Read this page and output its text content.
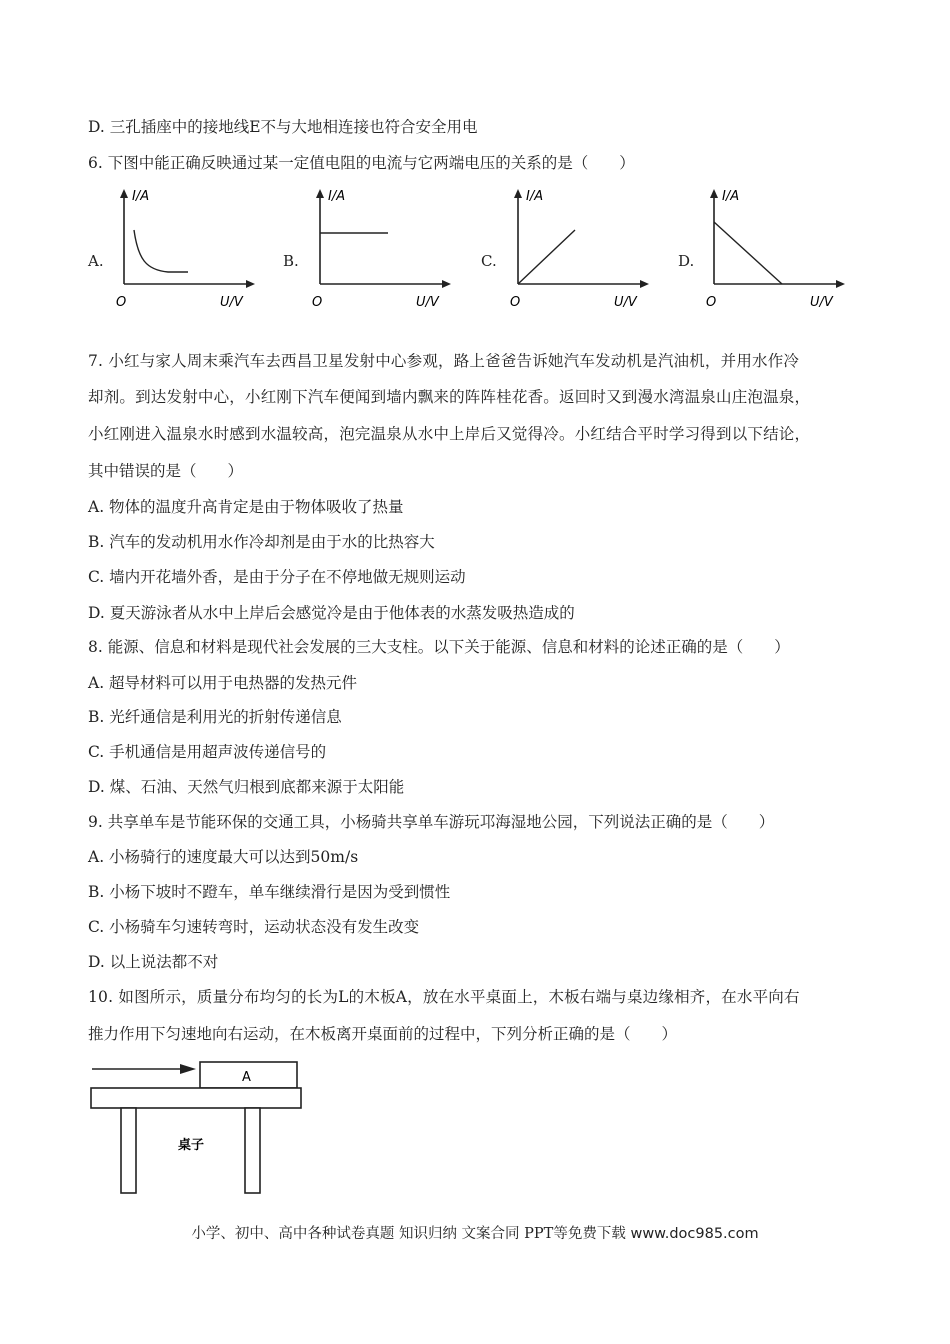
D. 三孔插座中的接地线E不与大地相连接也符合安全用电
6. 下图中能正确反映通过某一定值电阻的电流与它两端电压的关系的是（　　）
A.	B.	C.	D.
I/A
O	U/V
I/A
O	U/V
I/A
O	U/V
I/A
O	U/V
7. 小红与家人周末乘汽车去西昌卫星发射中心参观，路上爸爸告诉她汽车发动机是汽油机，并用水作冷
却剂。到达发射中心，小红刚下汽车便闻到墙内飘来的阵阵桂花香。返回时又到漫水湾温泉山庄泡温泉，
小红刚进入温泉水时感到水温较高，泡完温泉从水中上岸后又觉得冷。小红结合平时学习得到以下结论，
其中错误的是（　　）
A. 物体的温度升高肯定是由于物体吸收了热量
B. 汽车的发动机用水作冷却剂是由于水的比热容大
C. 墙内开花墙外香，是由于分子在不停地做无规则运动
D. 夏天游泳者从水中上岸后会感觉冷是由于他体表的水蒸发吸热造成的
8. 能源、信息和材料是现代社会发展的三大支柱。以下关于能源、信息和材料的论述正确的是（　　）
A. 超导材料可以用于电热器的发热元件
B. 光纤通信是利用光的折射传递信息
C. 手机通信是用超声波传递信号的
D. 煤、石油、天然气归根到底都来源于太阳能
9. 共享单车是节能环保的交通工具，小杨骑共享单车游玩邛海湿地公园，下列说法正确的是（　　）
A. 小杨骑行的速度最大可以达到50m/s
B. 小杨下坡时不蹬车，单车继续滑行是因为受到惯性
C. 小杨骑车匀速转弯时，运动状态没有发生改变
D. 以上说法都不对
10. 如图所示，质量分布均匀的长为L的木板A，放在水平桌面上，木板右端与桌边缘相齐，在水平向右
推力作用下匀速地向右运动，在木板离开桌面前的过程中，下列分析正确的是（　　）
A
桌子
小学、初中、高中各种试卷真题 知识归纳 文案合同 PPT等免费下载 www.doc985.com
